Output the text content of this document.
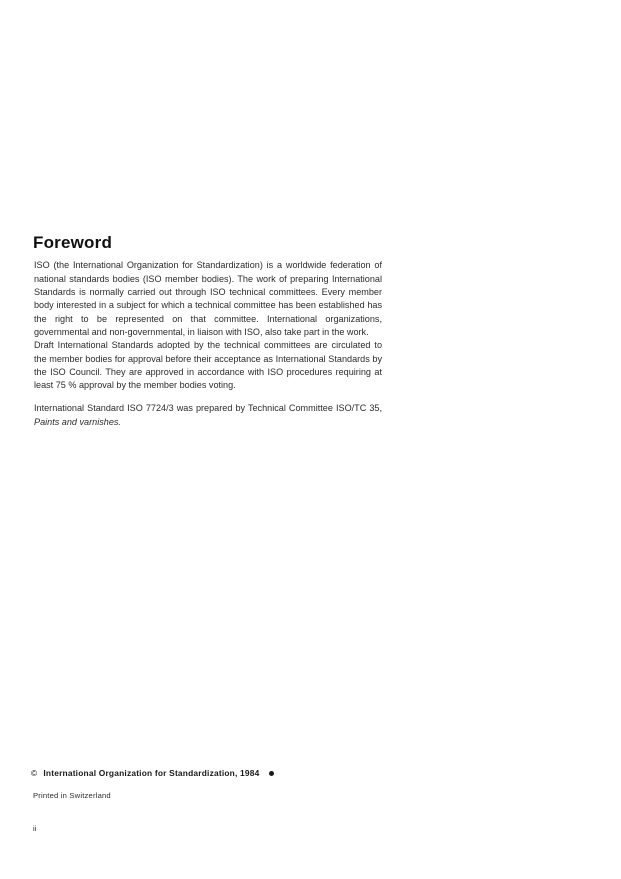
Foreword

ISO (the International Organization for Standardization) is a worldwide federation of national standards bodies (ISO member bodies). The work of preparing International Standards is normally carried out through ISO technical committees. Every member body interested in a subject for which a technical committee has been established has the right to be represented on that committee. International organizations, governmental and non-governmental, in liaison with ISO, also take part in the work.

Draft International Standards adopted by the technical committees are circulated to the member bodies for approval before their acceptance as International Standards by the ISO Council. They are approved in accordance with ISO procedures requiring at least 75 % approval by the member bodies voting.

International Standard ISO 7724/3 was prepared by Technical Committee ISO/TC 35, Paints and varnishes.

© International Organization for Standardization, 1984
Printed in Switzerland
ii
